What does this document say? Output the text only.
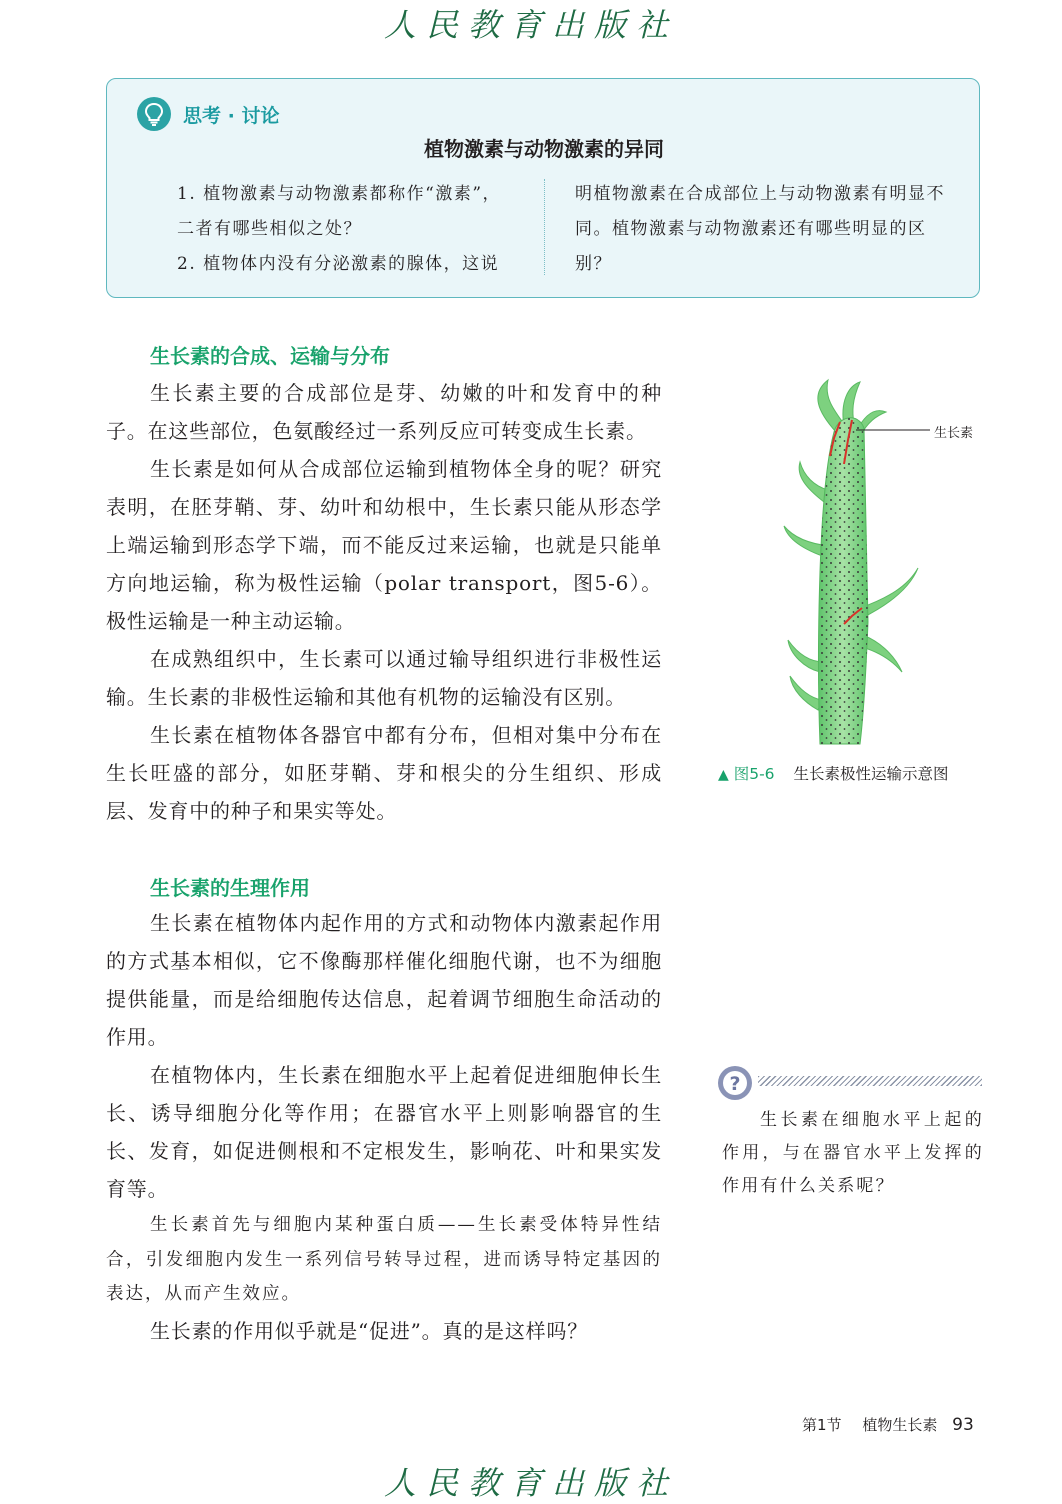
人民教育出版社
思考 · 讨论
植物激素与动物激素的异同
1. 植物激素与动物激素都称作“激素”，二者有哪些相似之处？
2. 植物体内没有分泌激素的腺体，这说
明植物激素在合成部位上与动物激素有明显不同。植物激素与动物激素还有哪些明显的区别？
生长素的合成、运输与分布

生长素主要的合成部位是芽、幼嫩的叶和发育中的种子。在这些部位，色氨酸经过一系列反应可转变成生长素。

生长素是如何从合成部位运输到植物体全身的呢？研究表明，在胚芽鞘、芽、幼叶和幼根中，生长素只能从形态学上端运输到形态学下端，而不能反过来运输，也就是只能单方向地运输，称为极性运输（polar transport，图5-6）。极性运输是一种主动运输。

在成熟组织中，生长素可以通过输导组织进行非极性运输。生长素的非极性运输和其他有机物的运输没有区别。

生长素在植物体各器官中都有分布，但相对集中分布在生长旺盛的部分，如胚芽鞘、芽和根尖的分生组织、形成层、发育中的种子和果实等处。

生长素
▲ 图5-6 生长素极性运输示意图
生长素的生理作用

生长素在植物体内起作用的方式和动物体内激素起作用的方式基本相似，它不像酶那样催化细胞代谢，也不为细胞提供能量，而是给细胞传达信息，起着调节细胞生命活动的作用。

在植物体内，生长素在细胞水平上起着促进细胞伸长生长、诱导细胞分化等作用；在器官水平上则影响器官的生长、发育，如促进侧根和不定根发生，影响花、叶和果实发育等。

生长素首先与细胞内某种蛋白质——生长素受体特异性结合，引发细胞内发生一系列信号转导过程，进而诱导特定基因的表达，从而产生效应。

生长素的作用似乎就是“促进”。真的是这样吗？

?

生长素在细胞水平上起的作用，与在器官水平上发挥的作用有什么关系呢？

第1节 植物生长素 93
人民教育出版社
